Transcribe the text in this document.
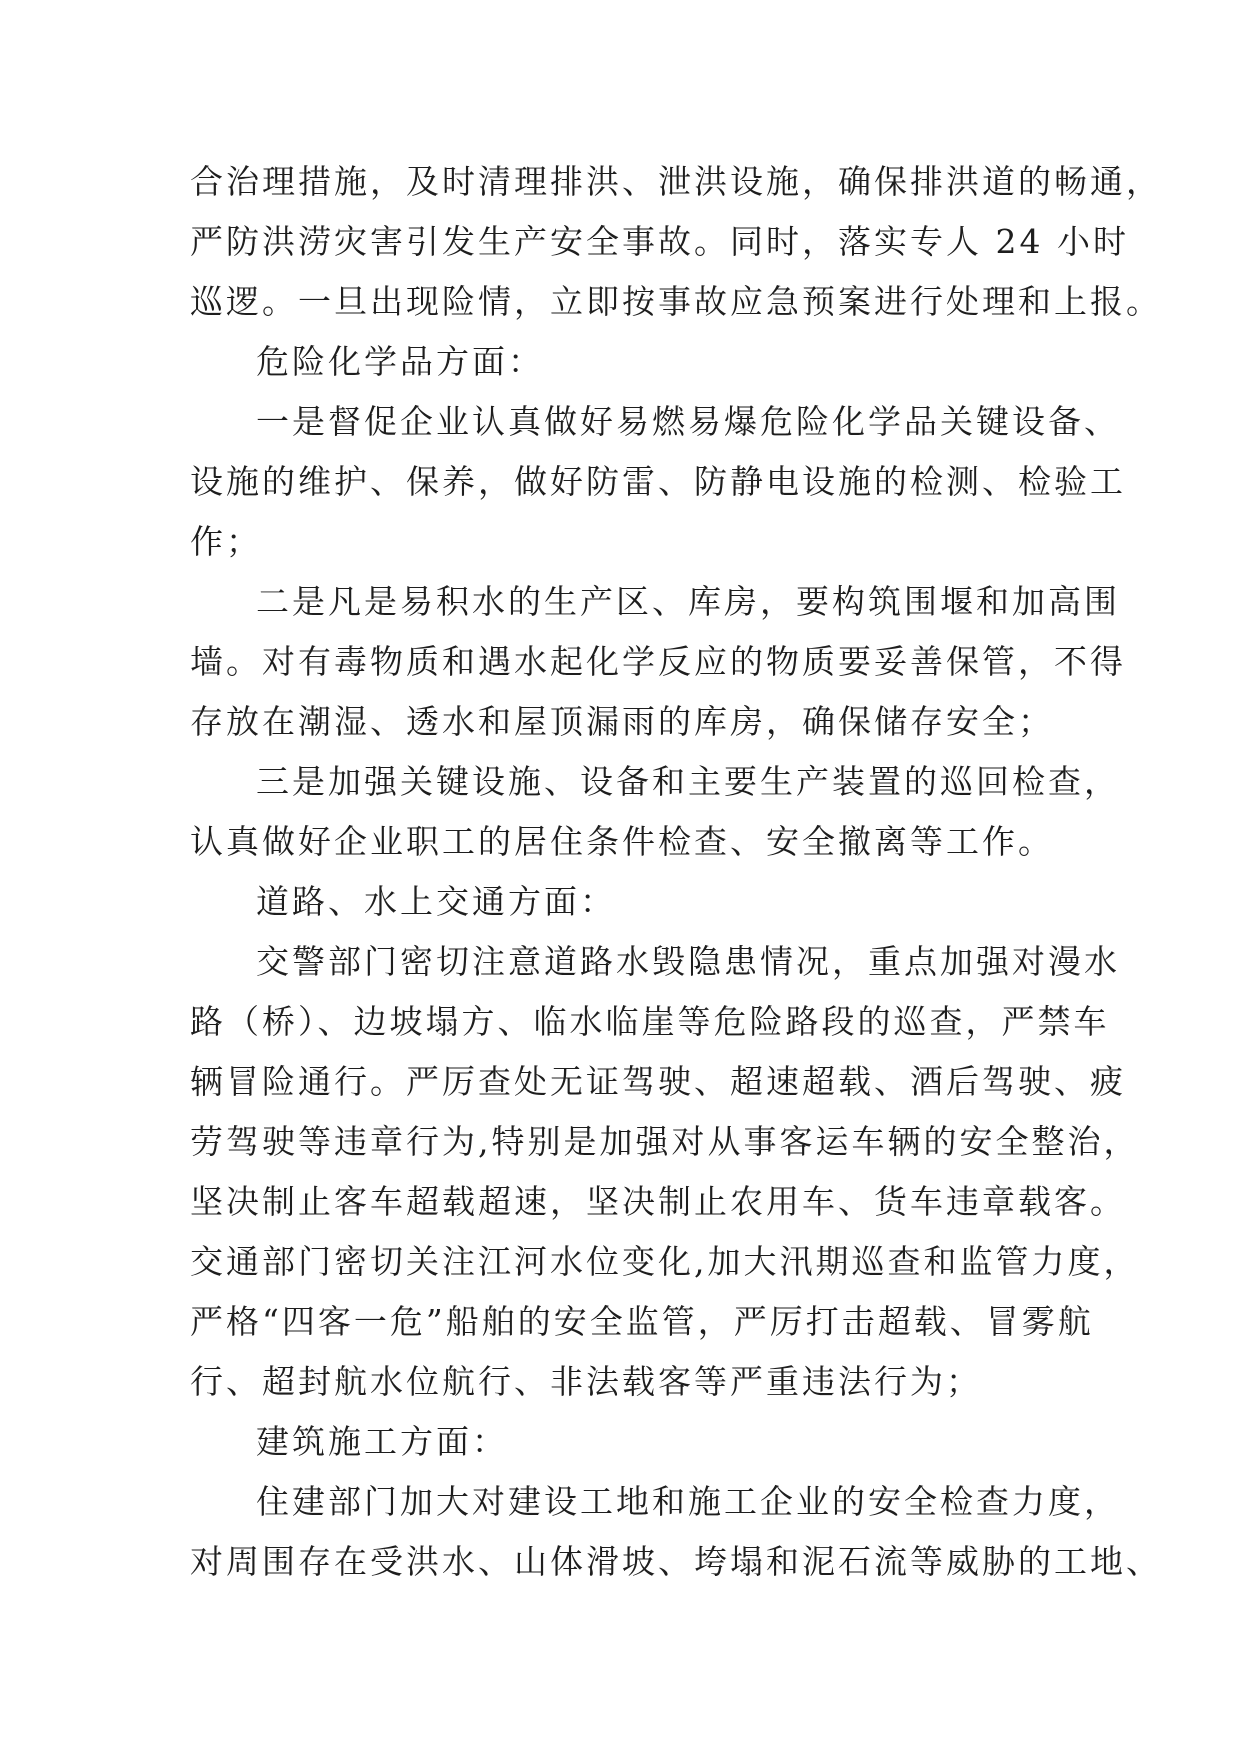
合治理措施，及时清理排洪、泄洪设施，确保排洪道的畅通，
严防洪涝灾害引发生产安全事故。同时，落实专人 24 小时
巡逻。一旦出现险情，立即按事故应急预案进行处理和上报。
危险化学品方面：
一是督促企业认真做好易燃易爆危险化学品关键设备、
设施的维护、保养，做好防雷、防静电设施的检测、检验工
作；
二是凡是易积水的生产区、库房，要构筑围堰和加高围
墙。对有毒物质和遇水起化学反应的物质要妥善保管，不得
存放在潮湿、透水和屋顶漏雨的库房，确保储存安全；
三是加强关键设施、设备和主要生产装置的巡回检查，
认真做好企业职工的居住条件检查、安全撤离等工作。
道路、水上交通方面：
交警部门密切注意道路水毁隐患情况，重点加强对漫水
路（桥）、边坡塌方、临水临崖等危险路段的巡查，严禁车
辆冒险通行。严厉查处无证驾驶、超速超载、酒后驾驶、疲
劳驾驶等违章行为,特别是加强对从事客运车辆的安全整治，
坚决制止客车超载超速，坚决制止农用车、货车违章载客。
交通部门密切关注江河水位变化,加大汛期巡查和监管力度，
严格“四客一危”船舶的安全监管，严厉打击超载、冒雾航
行、超封航水位航行、非法载客等严重违法行为；
建筑施工方面：
住建部门加大对建设工地和施工企业的安全检查力度，
对周围存在受洪水、山体滑坡、垮塌和泥石流等威胁的工地、
